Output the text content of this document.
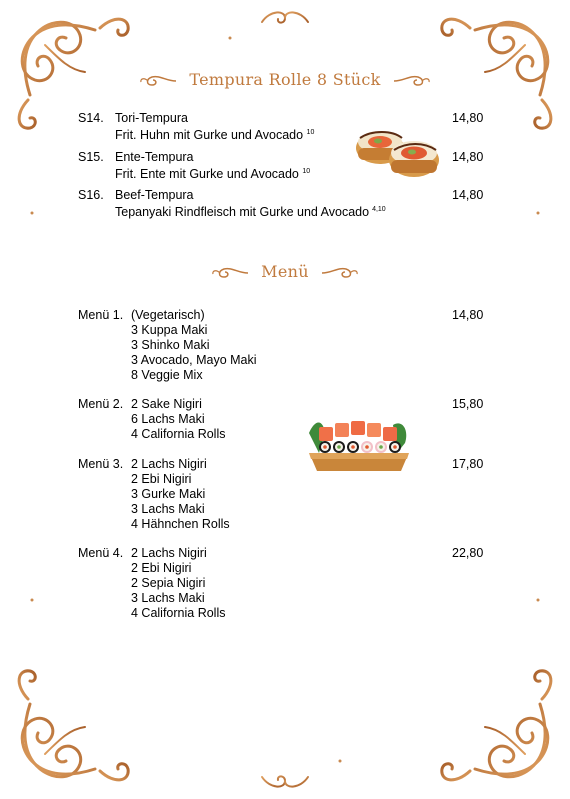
Tempura Rolle 8 Stück
S14. Tori-Tempura
Frit. Huhn mit Gurke und Avocado $^{10}$
14,80
S15. Ente-Tempura
Frit. Ente mit Gurke und Avocado $^{10}$
14,80
S16. Beef-Tempura
Tepanyaki Rindfleisch mit Gurke und Avocado $^{4,10}$
14,80
Menü
Menü 1. (Vegetarisch)
3 Kuppa Maki
3 Shinko Maki
3 Avocado, Mayo Maki
8 Veggie Mix
14,80
Menü 2. 2 Sake Nigiri
6 Lachs Maki
4 California Rolls
15,80
Menü 3. 2 Lachs Nigiri
2 Ebi Nigiri
3 Gurke Maki
3 Lachs Maki
4 Hähnchen Rolls
17,80
Menü 4. 2 Lachs Nigiri
2 Ebi Nigiri
2 Sepia Nigiri
3 Lachs Maki
4 California Rolls
22,80
